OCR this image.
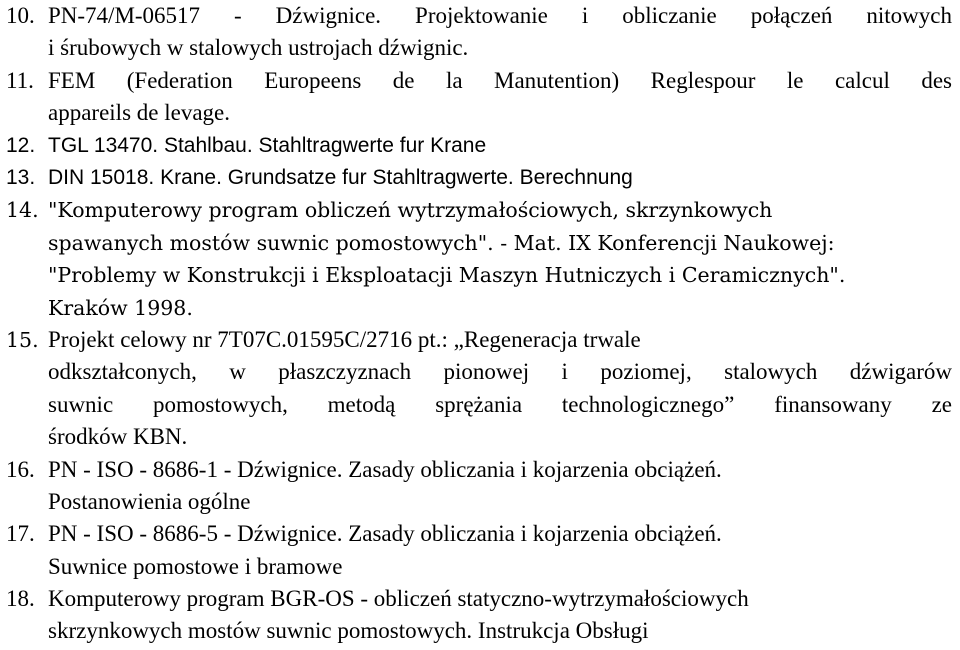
10. PN-74/M-06517 - Dźwignice. Projektowanie i obliczanie połączeń nitowych
i śrubowych w stalowych ustrojach dźwignic.
11. FEM (Federation Europeens de la Manutention) Reglespour le calcul des
appareils de levage.
12. TGL 13470. Stahlbau. Stahltragwerte fur Krane
13. DIN 15018. Krane. Grundsatze fur Stahltragwerte. Berechnung
14. "Komputerowy program obliczeń wytrzymałościowych, skrzynkowych
spawanych mostów suwnic pomostowych". - Mat. IX Konferencji Naukowej:
"Problemy w Konstrukcji i Eksploatacji Maszyn Hutniczych i Ceramicznych".
Kraków 1998.
15. Projekt celowy nr 7T07C.01595C/2716 pt.: „Regeneracja trwale
odkształconych, w płaszczyznach pionowej i poziomej, stalowych dźwigarów
suwnic pomostowych, metodą sprężania technologicznego” finansowany ze
środków KBN.
16. PN - ISO - 8686-1 - Dźwignice. Zasady obliczania i kojarzenia obciążeń.
Postanowienia ogólne
17. PN - ISO - 8686-5 - Dźwignice. Zasady obliczania i kojarzenia obciążeń.
Suwnice pomostowe i bramowe
18. Komputerowy program BGR-OS - obliczeń statyczno-wytrzymałościowych
skrzynkowych mostów suwnic pomostowych. Instrukcja Obsługi
